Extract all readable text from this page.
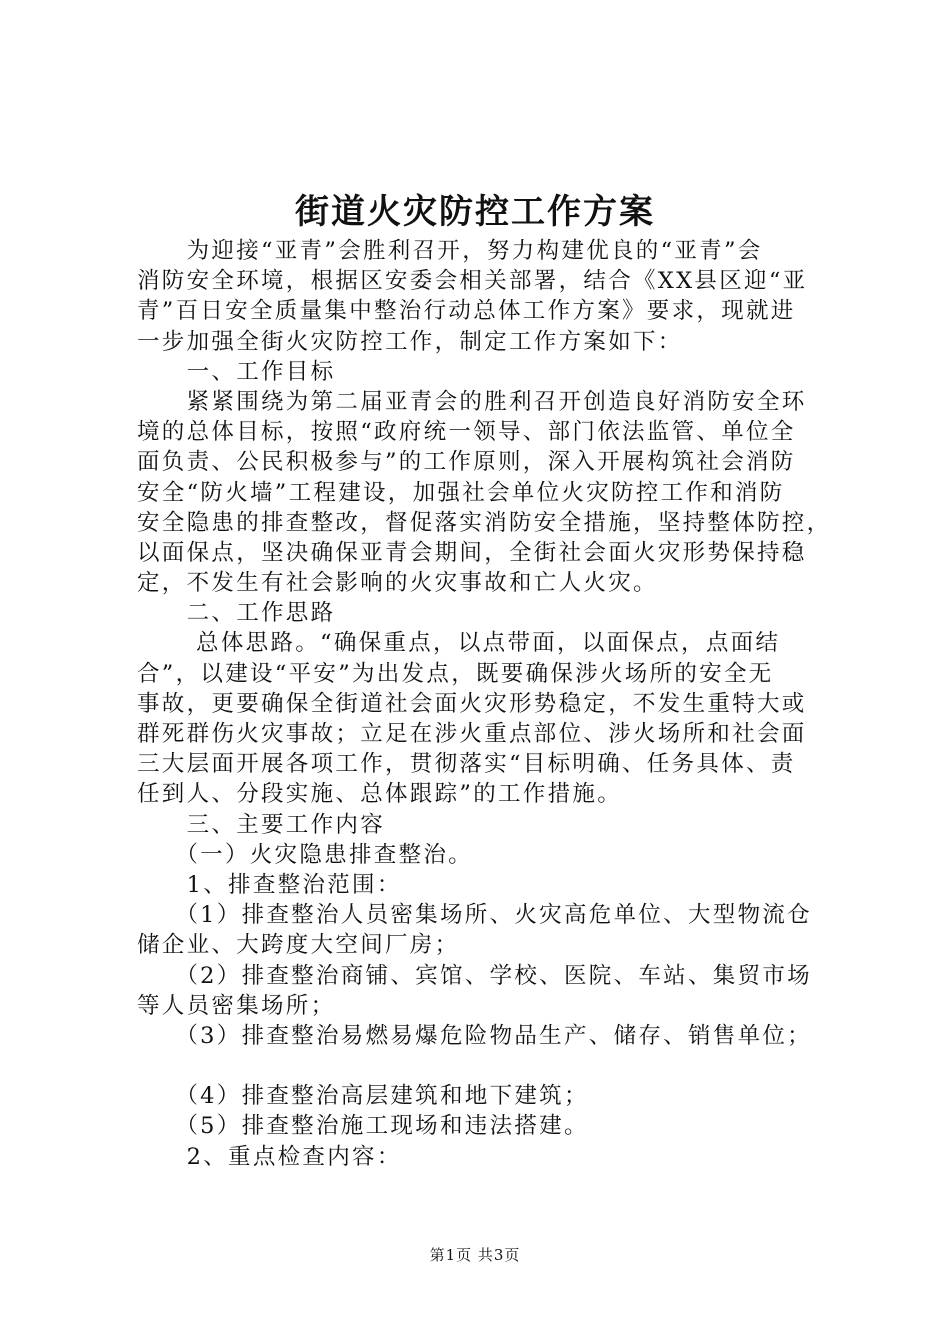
街道火灾防控工作方案
　　为迎接“亚青”会胜利召开，努力构建优良的“亚青”会
消防安全环境，根据区安委会相关部署，结合《XX县区迎“亚
青”百日安全质量集中整治行动总体工作方案》要求，现就进
一步加强全街火灾防控工作，制定工作方案如下：
　　一、工作目标
　　紧紧围绕为第二届亚青会的胜利召开创造良好消防安全环
境的总体目标，按照“政府统一领导、部门依法监管、单位全
面负责、公民积极参与”的工作原则，深入开展构筑社会消防
安全“防火墙”工程建设，加强社会单位火灾防控工作和消防
安全隐患的排查整改，督促落实消防安全措施，坚持整体防控，
以面保点，坚决确保亚青会期间，全街社会面火灾形势保持稳
定，不发生有社会影响的火灾事故和亡人火灾。
　　二、工作思路
　　 总体思路。“确保重点，以点带面，以面保点，点面结
合”，以建设“平安”为出发点，既要确保涉火场所的安全无
事故，更要确保全街道社会面火灾形势稳定，不发生重特大或
群死群伤火灾事故；立足在涉火重点部位、涉火场所和社会面
三大层面开展各项工作，贯彻落实“目标明确、任务具体、责
任到人、分段实施、总体跟踪”的工作措施。
　　三、主要工作内容
　　（一）火灾隐患排查整治。
　　1、排查整治范围：
　　（1）排查整治人员密集场所、火灾高危单位、大型物流仓
储企业、大跨度大空间厂房；
　　（2）排查整治商铺、宾馆、学校、医院、车站、集贸市场
等人员密集场所；
　　（3）排查整治易燃易爆危险物品生产、储存、销售单位；
　　（4）排查整治高层建筑和地下建筑；
　　（5）排查整治施工现场和违法搭建。
　　2、重点检查内容：
第1页 共3页
